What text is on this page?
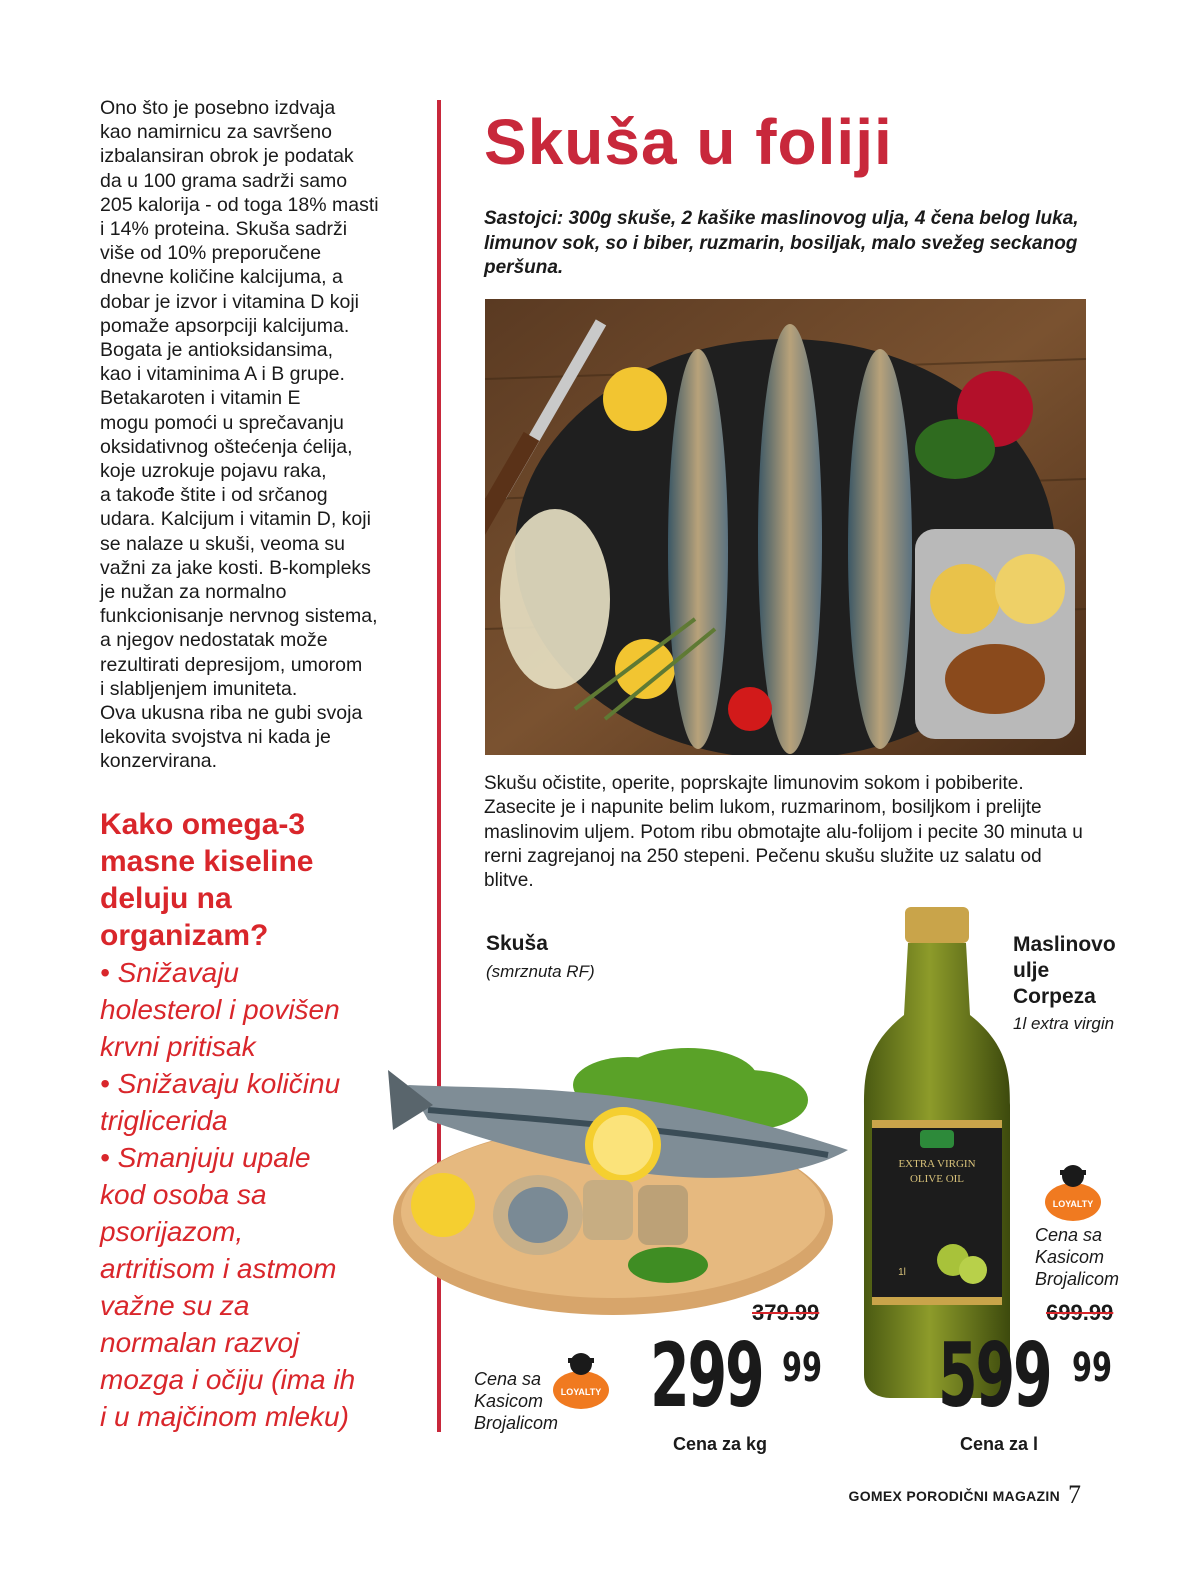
Ono što je posebno izdvaja
kao namirnicu za savršeno
izbalansiran obrok je podatak
da u 100 grama sadrži samo
205 kalorija - od toga 18% masti
i 14% proteina. Skuša sadrži
više od 10% preporučene
dnevne količine kalcijuma, a
dobar je izvor i vitamina D koji
pomaže apsorpciji kalcijuma.
Bogata je antioksidansima,
kao i vitaminima A i B grupe.
Betakaroten i vitamin E
mogu pomoći u sprečavanju
oksidativnog oštećenja ćelija,
koje uzrokuje pojavu raka,
a takođe štite i od srčanog
udara. Kalcijum i vitamin D, koji
se nalaze u skuši, veoma su
važni za jake kosti. B-kompleks
je nužan za normalno
funkcionisanje nervnog sistema,
a njegov nedostatak može
rezultirati depresijom, umorom
i slabljenjem imuniteta.
Ova ukusna riba ne gubi svoja
lekovita svojstva ni kada je
konzervirana.

Kako omega-3
masne kiseline
deluju na
organizam?
• Snižavaju
holesterol i povišen
krvni pritisak
• Snižavaju količinu
triglicerida
• Smanjuju upale
kod osoba sa
psorijazom,
artritisom i astmom
važne su za
normalan razvoj
mozga i očiju (ima ih
i u majčinom mleku)
Skuša u foliji
Sastojci: 300g skuše, 2 kašike maslinovog ulja, 4 čena belog luka, limunov sok, so i biber, ruzmarin, bosiljak, malo svežeg seckanog peršuna.
Skušu očistite, operite, poprskajte limunovim sokom i pobiberite. Zasecite je i napunite belim lukom, ruzmarinom, bosiljkom i prelijte maslinovim uljem. Potom ribu obmotajte alu-folijom i pecite 30 minuta u rerni zagrejanoj na 250 stepeni. Pečenu skušu služite uz salatu od blitve.
Skuša
(smrznuta RF)
379.99
299 99
Cena za kg
Cena sa
Kasicom
Brojalicom
LOYALTY
Maslinovo
ulje
Corpeza
1l extra virgin
EXTRA VIRGIN
OLIVE OIL
1l
LOYALTY
Cena sa
Kasicom
Brojalicom
699.99
599 99
Cena za l
GOMEX PORODIČNI MAGAZIN 7
